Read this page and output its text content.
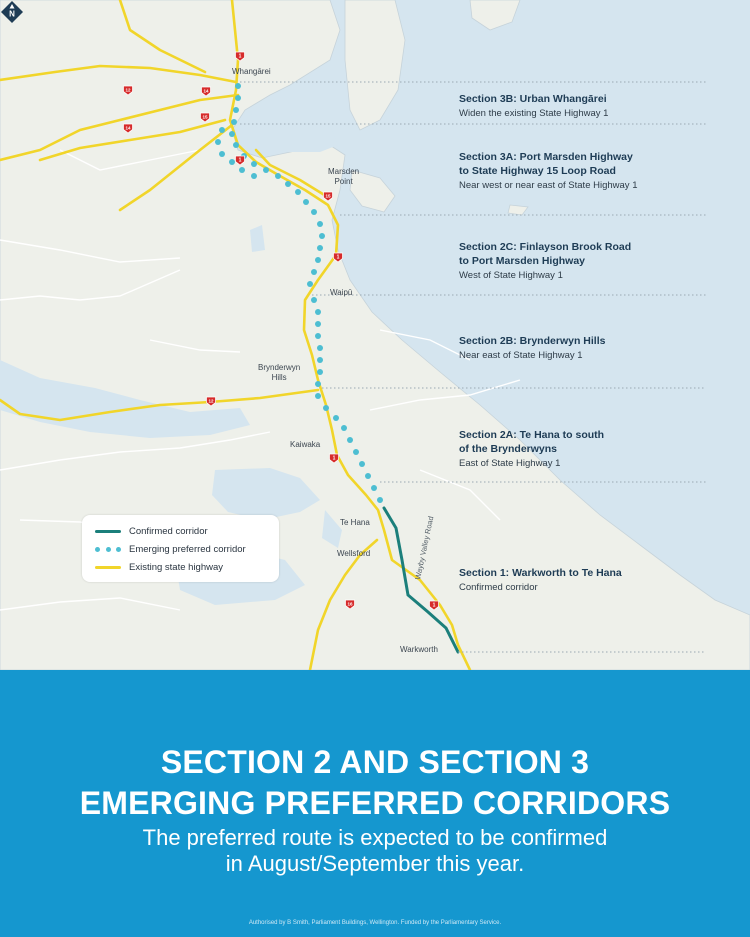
1
1
14
15
12
14
15
1
12
1
16	1
Wayby Valley Road
Whangārei
Marsden
Point
Waipū
Brynderwyn
Hills
Kaiwaka
Te Hana
Wellsford
Warkworth
N
Section 3B: Urban Whangārei
Widen the existing State Highway 1
Section 3A: Port Marsden Highway
to State Highway 15 Loop Road
Near west or near east of State Highway 1
Section 2C: Finlayson Brook Road
to Port Marsden Highway
West of State Highway 1
Section 2B: Brynderwyn Hills
Near east of State Highway 1
Section 2A: Te Hana to south
of the Brynderwyns
East of State Highway 1
Section 1: Warkworth to Te Hana
Confirmed corridor
Confirmed corridor
Emerging preferred corridor
Existing state highway
SECTION 2 AND SECTION 3
EMERGING PREFERRED CORRIDORS
The preferred route is expected to be confirmed
in August/September this year.
Authorised by B Smith, Parliament Buildings, Wellington. Funded by the Parliamentary Service.
